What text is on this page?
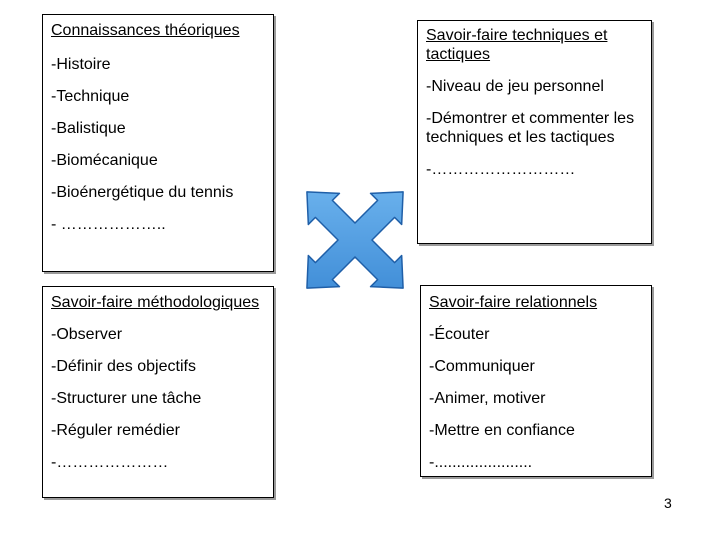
Connaissances théoriques

-Histoire

-Technique

-Balistique

-Biomécanique

-Bioénergétique du tennis

- ………………..

Savoir-faire techniques et tactiques

-Niveau de jeu personnel

-Démontrer et commenter les techniques et les tactiques

-………………………

Savoir-faire méthodologiques

-Observer

-Définir des objectifs

-Structurer une tâche

-Réguler remédier

-…………………

Savoir-faire relationnels

-Écouter

-Communiquer

-Animer, motiver

-Mettre en confiance

-......................

3
